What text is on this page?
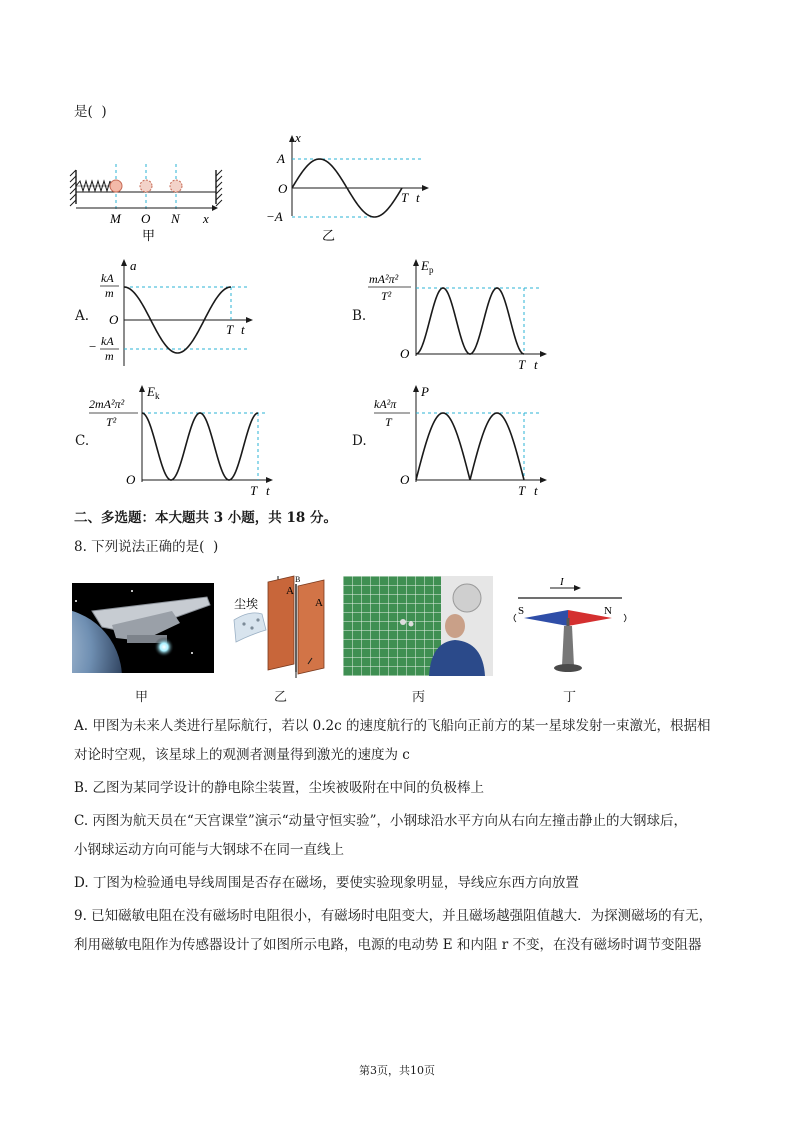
是(  )
M O N x
甲
x
A
O
−A
T t
乙
A.
a
kA
m
O
− kA
m
T t
B.
$E_p$
mA²π²
T²
O
T t
C.
$E_k$
2mA²π²
T²
O
T t
D.
P
kA²π
T
O
T t
二、多选题：本大题共 3 小题，共 18 分。
8. 下列说法正确的是(  )
甲
尘埃
A
A
B
乙	丙
I
S	N
丁
A. 甲图为未来人类进行星际航行，若以 0.2c 的速度航行的飞船向正前方的某一星球发射一束激光，根据相
对论时空观，该星球上的观测者测量得到激光的速度为 c
B. 乙图为某同学设计的静电除尘装置，尘埃被吸附在中间的负极棒上
C. 丙图为航天员在“天宫课堂”演示“动量守恒实验”，小钢球沿水平方向从右向左撞击静止的大钢球后，
小钢球运动方向可能与大钢球不在同一直线上
D. 丁图为检验通电导线周围是否存在磁场，要使实验现象明显，导线应东西方向放置
9. 已知磁敏电阻在没有磁场时电阻很小，有磁场时电阻变大，并且磁场越强阻值越大．为探测磁场的有无，
利用磁敏电阻作为传感器设计了如图所示电路，电源的电动势 E 和内阻 r 不变，在没有磁场时调节变阻器
第3页，共10页
